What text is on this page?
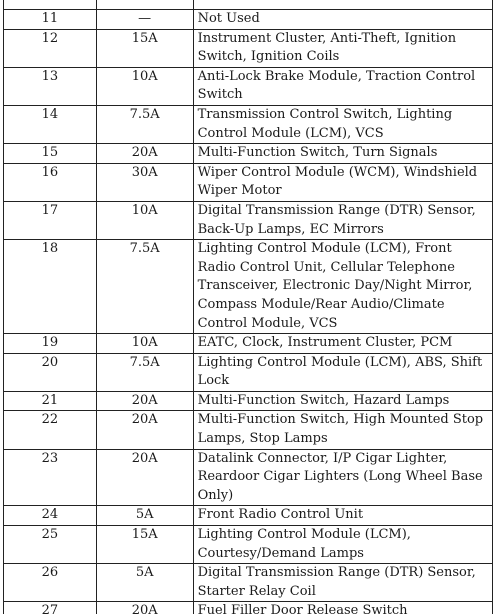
11	—	Not Used
12	15A	Instrument Cluster, Anti-Theft, Ignition Switch, Ignition Coils
13	10A	Anti-Lock Brake Module, Traction Control Switch
14	7.5A	Transmission Control Switch, Lighting Control Module (LCM), VCS
15	20A	Multi-Function Switch, Turn Signals
16	30A	Wiper Control Module (WCM), Windshield Wiper Motor
17	10A	Digital Transmission Range (DTR) Sensor, Back-Up Lamps, EC Mirrors
18	7.5A	Lighting Control Module (LCM), Front Radio Control Unit, Cellular Telephone Transceiver, Electronic Day/Night Mirror, Compass Module/Rear Audio/Climate Control Module, VCS
19	10A	EATC, Clock, Instrument Cluster, PCM
20	7.5A	Lighting Control Module (LCM), ABS, Shift Lock
21	20A	Multi-Function Switch, Hazard Lamps
22	20A	Multi-Function Switch, High Mounted Stop Lamps, Stop Lamps
23	20A	Datalink Connector, I/P Cigar Lighter, Reardoor Cigar Lighters (Long Wheel Base Only)
24	5A	Front Radio Control Unit
25	15A	Lighting Control Module (LCM), Courtesy/Demand Lamps
26	5A	Digital Transmission Range (DTR) Sensor, Starter Relay Coil
27	20A	Fuel Filler Door Release Switch
